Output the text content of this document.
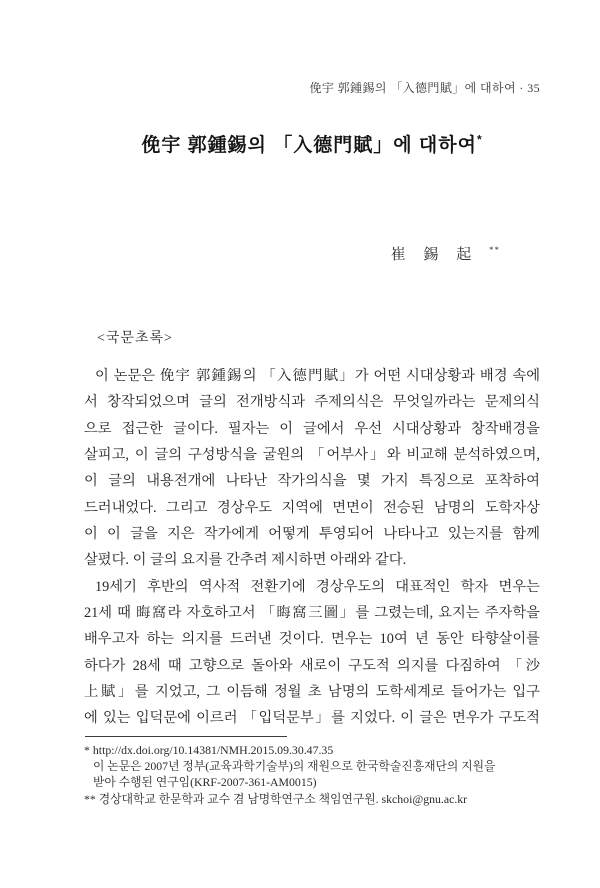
俛宇 郭鍾錫의 「入德門賦」에 대하여 · 35
俛宇 郭鍾錫의 「入德門賦」에 대하여*
崔 錫 起 **
<국문초록>
이 논문은 俛宇 郭鍾錫의 「入德門賦」가 어떤 시대상황과 배경 속에
서 창작되었으며 글의 전개방식과 주제의식은 무엇일까라는 문제의식
으로 접근한 글이다. 필자는 이 글에서 우선 시대상황과 창작배경을
살피고, 이 글의 구성방식을 굴원의 「어부사」와 비교해 분석하였으며,
이 글의 내용전개에 나타난 작가의식을 몇 가지 특징으로 포착하여
드러내었다. 그리고 경상우도 지역에 면면이 전승된 남명의 도학자상
이 이 글을 지은 작가에게 어떻게 투영되어 나타나고 있는지를 함께
살폈다. 이 글의 요지를 간추려 제시하면 아래와 같다.
19세기 후반의 역사적 전환기에 경상우도의 대표적인 학자 면우는
21세 때 晦窩라 자호하고서 「晦窩三圖」를 그렸는데, 요지는 주자학을
배우고자 하는 의지를 드러낸 것이다. 면우는 10여 년 동안 타향살이를
하다가 28세 때 고향으로 돌아와 새로이 구도적 의지를 다짐하여 「沙
上賦」를 지었고, 그 이듬해 정월 초 남명의 도학세계로 들어가는 입구
에 있는 입덕문에 이르러 「입덕문부」를 지었다. 이 글은 면우가 구도적
* http://dx.doi.org/10.14381/NMH.2015.09.30.47.35
이 논문은 2007년 정부(교육과학기술부)의 재원으로 한국학술진흥재단의 지원을
받아 수행된 연구임(KRF-2007-361-AM0015)
** 경상대학교 한문학과 교수 겸 남명학연구소 책임연구원. skchoi@gnu.ac.kr
